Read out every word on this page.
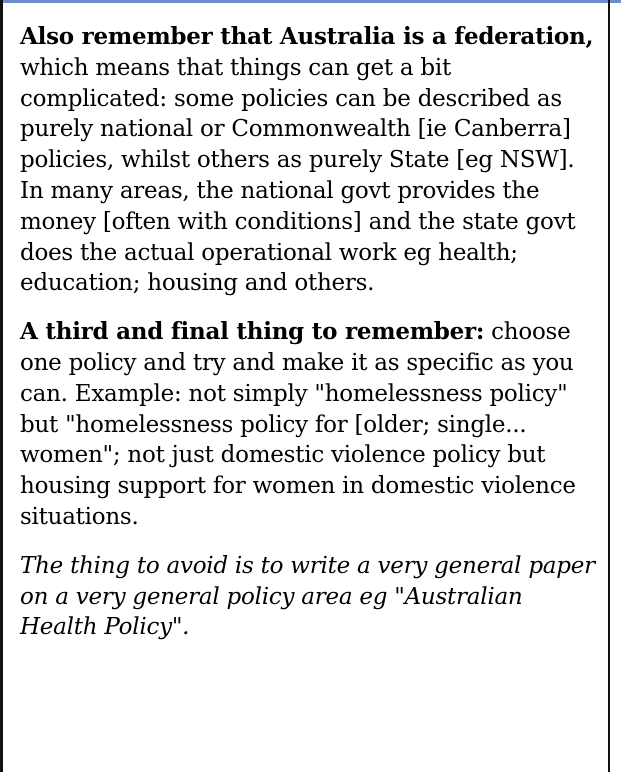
Also remember that Australia is a federation, which means that things can get a bit complicated: some policies can be described as purely national or Commonwealth [ie Canberra] policies, whilst others as purely State [eg NSW]. In many areas, the national govt provides the money [often with conditions] and the state govt does the actual operational work eg health; education; housing and others.

A third and final thing to remember: choose one policy and try and make it as specific as you can. Example: not simply "homelessness policy" but "homelessness policy for [older; single... women"; not just domestic violence policy but housing support for women in domestic violence situations.

The thing to avoid is to write a very general paper on a very general policy area eg "Australian Health Policy".
